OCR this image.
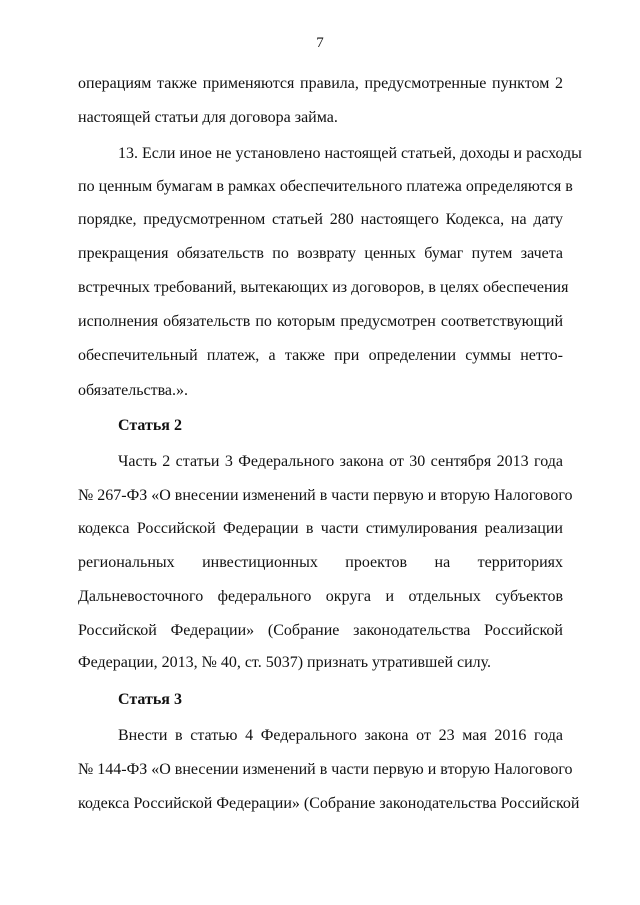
7
операциям также применяются правила, предусмотренные пунктом 2
настоящей статьи для договора займа.
13. Если иное не установлено настоящей статьей, доходы и расходы
по ценным бумагам в рамках обеспечительного платежа определяются в
порядке, предусмотренном статьей 280 настоящего Кодекса, на дату
прекращения обязательств по возврату ценных бумаг путем зачета
встречных требований, вытекающих из договоров, в целях обеспечения
исполнения обязательств по которым предусмотрен соответствующий
обеспечительный платеж, а также при определении суммы нетто-
обязательства.».
Статья 2
Часть 2 статьи 3 Федерального закона от 30 сентября 2013 года
№ 267-ФЗ «О внесении изменений в части первую и вторую Налогового
кодекса Российской Федерации в части стимулирования реализации
региональных инвестиционных проектов на территориях
Дальневосточного федерального округа и отдельных субъектов
Российской Федерации» (Собрание законодательства Российской
Федерации, 2013, № 40, ст. 5037) признать утратившей силу.
Статья 3
Внести в статью 4 Федерального закона от 23 мая 2016 года
№ 144-ФЗ «О внесении изменений в части первую и вторую Налогового
кодекса Российской Федерации» (Собрание законодательства Российской
